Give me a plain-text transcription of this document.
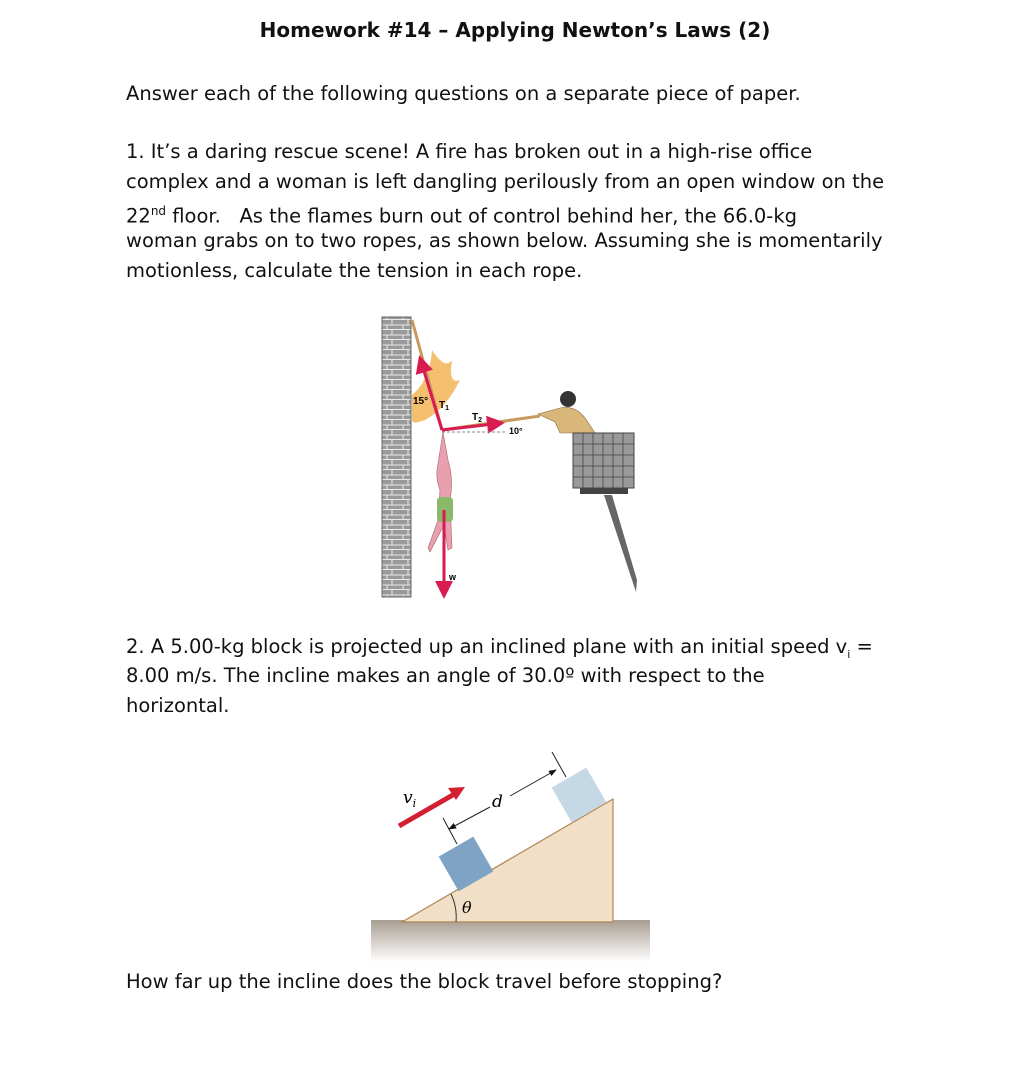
Homework #14 – Applying Newton’s Laws (2)
Answer each of the following questions on a separate piece of paper.
1. It’s a daring rescue scene! A fire has broken out in a high-rise office
complex and a woman is left dangling perilously from an open window on the
22nd floor. As the flames burn out of control behind her, the 66.0-kg
woman grabs on to two ropes, as shown below. Assuming she is momentarily
motionless, calculate the tension in each rope.
15° $T_1$
$T_2$
10°
w
$v_i$	d
θ
2. A 5.00-kg block is projected up an inclined plane with an initial speed $v_i$ =
8.00 m/s. The incline makes an angle of 30.0º with respect to the
horizontal.
How far up the incline does the block travel before stopping?
